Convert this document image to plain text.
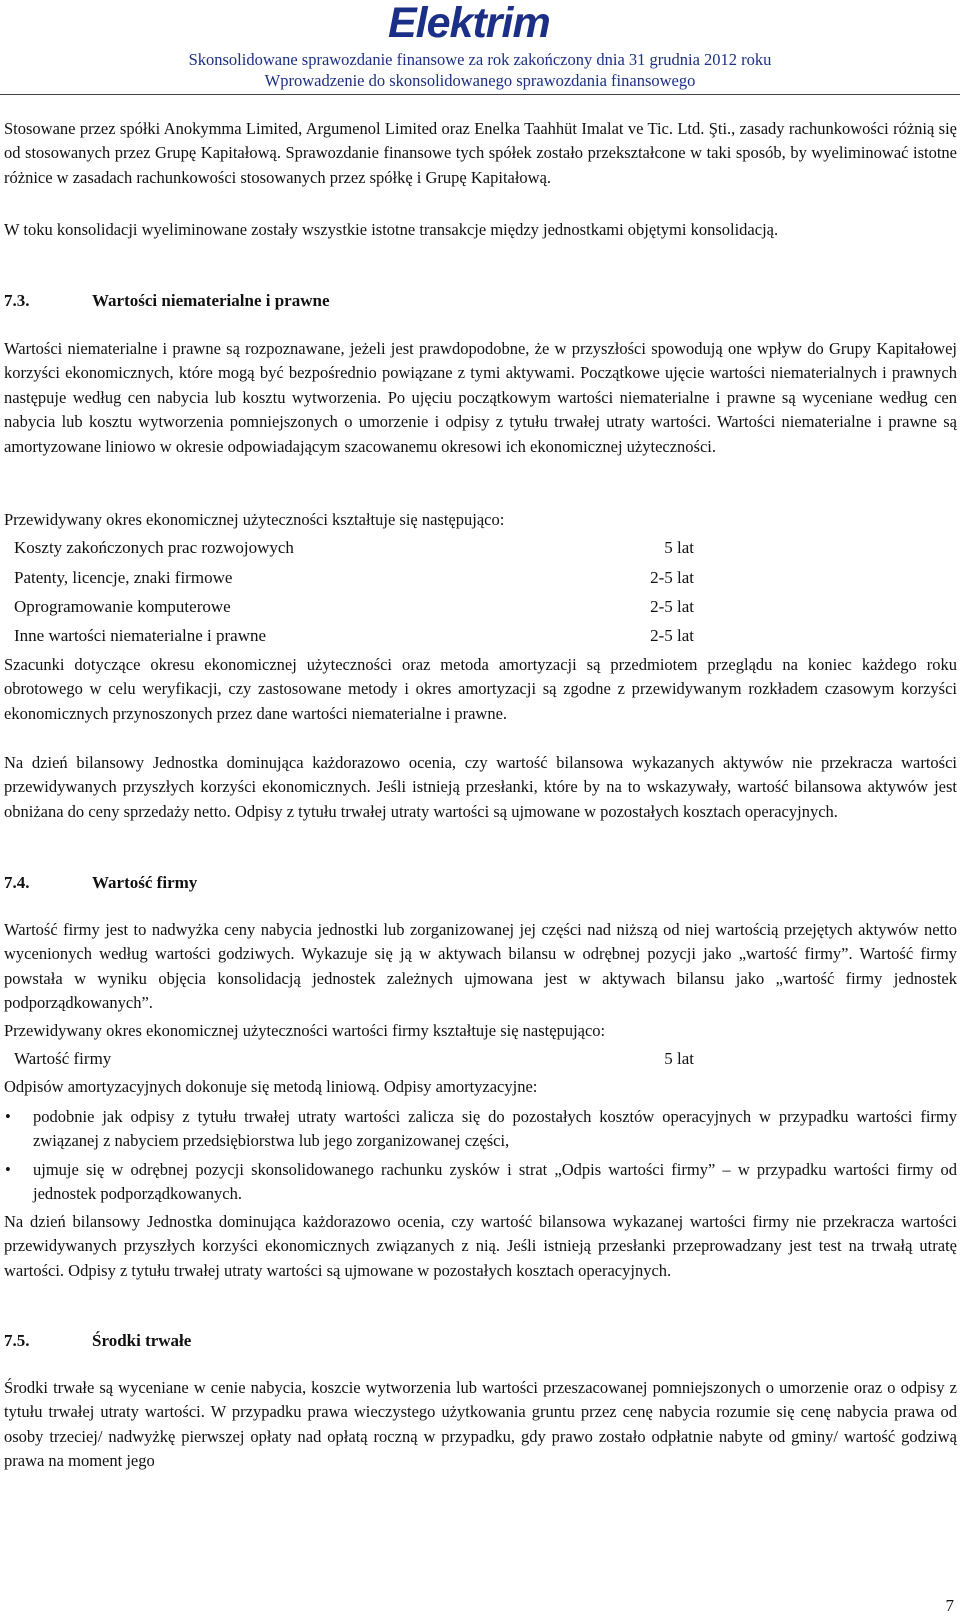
Elektrim
Skonsolidowane sprawozdanie finansowe za rok zakończony dnia 31 grudnia 2012 roku
Wprowadzenie do skonsolidowanego sprawozdania finansowego

Stosowane przez spółki Anokymma Limited, Argumenol Limited oraz Enelka Taahhüt Imalat ve Tic. Ltd. Şti., zasady rachunkowości różnią się od stosowanych przez Grupę Kapitałową. Sprawozdanie finansowe tych spółek zostało przekształcone w taki sposób, by wyeliminować istotne różnice w zasadach rachunkowości stosowanych przez spółkę i Grupę Kapitałową.

W toku konsolidacji wyeliminowane zostały wszystkie istotne transakcje między jednostkami objętymi konsolidacją.

7.3.	Wartości niematerialne i prawne

Wartości niematerialne i prawne są rozpoznawane, jeżeli jest prawdopodobne, że w przyszłości spowodują one wpływ do Grupy Kapitałowej korzyści ekonomicznych, które mogą być bezpośrednio powiązane z tymi aktywami. Początkowe ujęcie wartości niematerialnych i prawnych następuje według cen nabycia lub kosztu wytworzenia. Po ujęciu początkowym wartości niematerialne i prawne są wyceniane według cen nabycia lub kosztu wytworzenia pomniejszonych o umorzenie i odpisy z tytułu trwałej utraty wartości. Wartości niematerialne i prawne są amortyzowane liniowo w okresie odpowiadającym szacowanemu okresowi ich ekonomicznej użyteczności.

Przewidywany okres ekonomicznej użyteczności kształtuje się następująco:

Koszty zakończonych prac rozwojowych	5 lat
Patenty, licencje, znaki firmowe	2-5 lat
Oprogramowanie komputerowe	2-5 lat
Inne wartości niematerialne i prawne	2-5 lat

Szacunki dotyczące okresu ekonomicznej użyteczności oraz metoda amortyzacji są przedmiotem przeglądu na koniec każdego roku obrotowego w celu weryfikacji, czy zastosowane metody i okres amortyzacji są zgodne z przewidywanym rozkładem czasowym korzyści ekonomicznych przynoszonych przez dane wartości niematerialne i prawne.

Na dzień bilansowy Jednostka dominująca każdorazowo ocenia, czy wartość bilansowa wykazanych aktywów nie przekracza wartości przewidywanych przyszłych korzyści ekonomicznych. Jeśli istnieją przesłanki, które by na to wskazywały, wartość bilansowa aktywów jest obniżana do ceny sprzedaży netto. Odpisy z tytułu trwałej utraty wartości są ujmowane w pozostałych kosztach operacyjnych.

7.4.	Wartość firmy

Wartość firmy jest to nadwyżka ceny nabycia jednostki lub zorganizowanej jej części nad niższą od niej wartością przejętych aktywów netto wycenionych według wartości godziwych. Wykazuje się ją w aktywach bilansu w odrębnej pozycji jako „wartość firmy”. Wartość firmy powstała w wyniku objęcia konsolidacją jednostek zależnych ujmowana jest w aktywach bilansu jako „wartość firmy jednostek podporządkowanych”.

Przewidywany okres ekonomicznej użyteczności wartości firmy kształtuje się następująco:

Wartość firmy	5 lat

Odpisów amortyzacyjnych dokonuje się metodą liniową. Odpisy amortyzacyjne:

• podobnie jak odpisy z tytułu trwałej utraty wartości zalicza się do pozostałych kosztów operacyjnych w przypadku wartości firmy związanej z nabyciem przedsiębiorstwa lub jego zorganizowanej części,
• ujmuje się w odrębnej pozycji skonsolidowanego rachunku zysków i strat „Odpis wartości firmy” – w przypadku wartości firmy od jednostek podporządkowanych.

Na dzień bilansowy Jednostka dominująca każdorazowo ocenia, czy wartość bilansowa wykazanej wartości firmy nie przekracza wartości przewidywanych przyszłych korzyści ekonomicznych związanych z nią. Jeśli istnieją przesłanki przeprowadzany jest test na trwałą utratę wartości. Odpisy z tytułu trwałej utraty wartości są ujmowane w pozostałych kosztach operacyjnych.

7.5.	Środki trwałe

Środki trwałe są wyceniane w cenie nabycia, koszcie wytworzenia lub wartości przeszacowanej pomniejszonych o umorzenie oraz o odpisy z tytułu trwałej utraty wartości. W przypadku prawa wieczystego użytkowania gruntu przez cenę nabycia rozumie się cenę nabycia prawa od osoby trzeciej/ nadwyżkę pierwszej opłaty nad opłatą roczną w przypadku, gdy prawo zostało odpłatnie nabyte od gminy/ wartość godziwą prawa na moment jego

7
